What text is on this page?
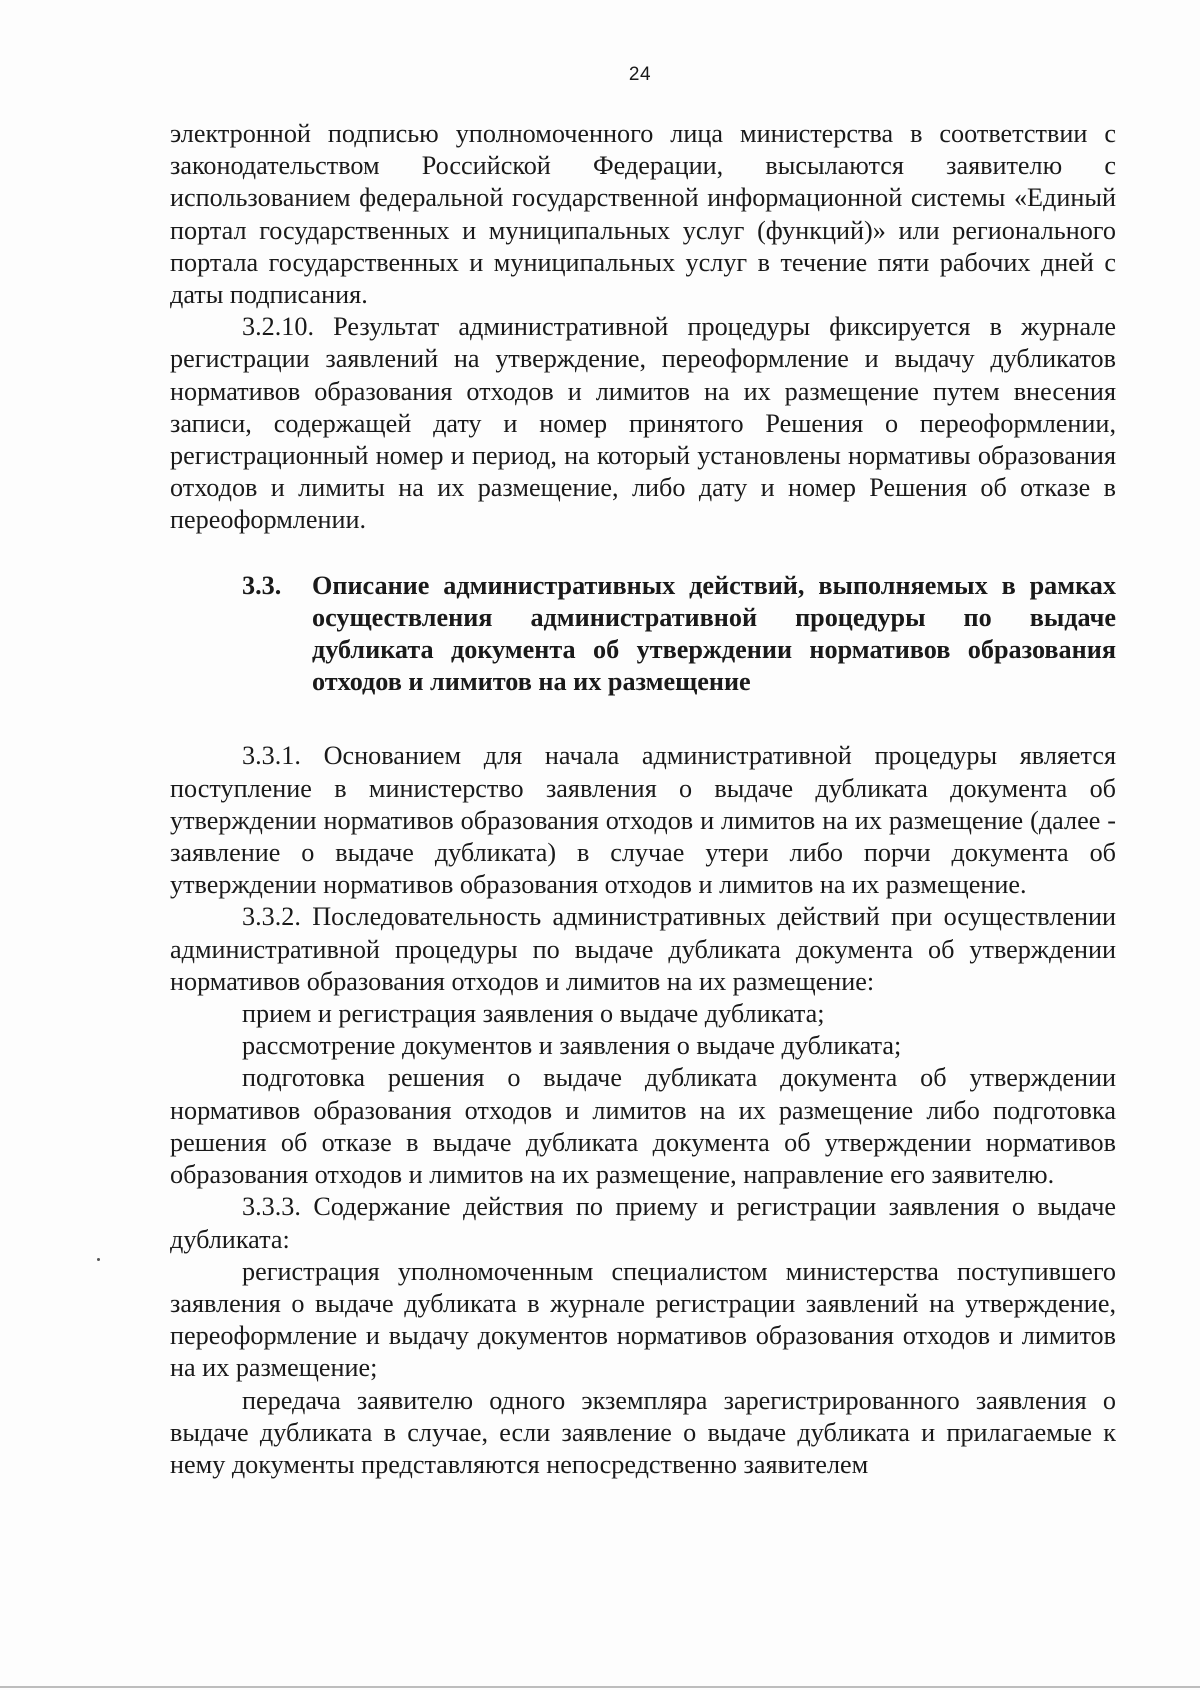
24

электронной подписью уполномоченного лица министерства в соответствии с законодательством Российской Федерации, высылаются заявителю с использованием федеральной государственной информационной системы «Единый портал государственных и муниципальных услуг (функций)» или регионального портала государственных и муниципальных услуг в течение пяти рабочих дней с даты подписания.

3.2.10. Результат административной процедуры фиксируется в журнале регистрации заявлений на утверждение, переоформление и выдачу дубликатов нормативов образования отходов и лимитов на их размещение путем внесения записи, содержащей дату и номер принятого Решения о переоформлении, регистрационный номер и период, на который установлены нормативы образования отходов и лимиты на их размещение, либо дату и номер Решения об отказе в переоформлении.

3.3.	Описание административных действий, выполняемых в рамках осуществления административной процедуры по выдаче дубликата документа об утверждении нормативов образования отходов и лимитов на их размещение

3.3.1. Основанием для начала административной процедуры является поступление в министерство заявления о выдаче дубликата документа об утверждении нормативов образования отходов и лимитов на их размещение (далее - заявление о выдаче дубликата) в случае утери либо порчи документа об утверждении нормативов образования отходов и лимитов на их размещение.

3.3.2. Последовательность административных действий при осуществлении административной процедуры по выдаче дубликата документа об утверждении нормативов образования отходов и лимитов на их размещение:

прием и регистрация заявления о выдаче дубликата;

рассмотрение документов и заявления о выдаче дубликата;

подготовка решения о выдаче дубликата документа об утверждении нормативов образования отходов и лимитов на их размещение либо подготовка решения об отказе в выдаче дубликата документа об утверждении нормативов образования отходов и лимитов на их размещение, направление его заявителю.

3.3.3. Содержание действия по приему и регистрации заявления о выдаче дубликата:

регистрация уполномоченным специалистом министерства поступившего заявления о выдаче дубликата в журнале регистрации заявлений на утверждение, переоформление и выдачу документов нормативов образования отходов и лимитов на их размещение;

передача заявителю одного экземпляра зарегистрированного заявления о выдаче дубликата в случае, если заявление о выдаче дубликата и прилагаемые к нему документы представляются непосредственно заявителем
